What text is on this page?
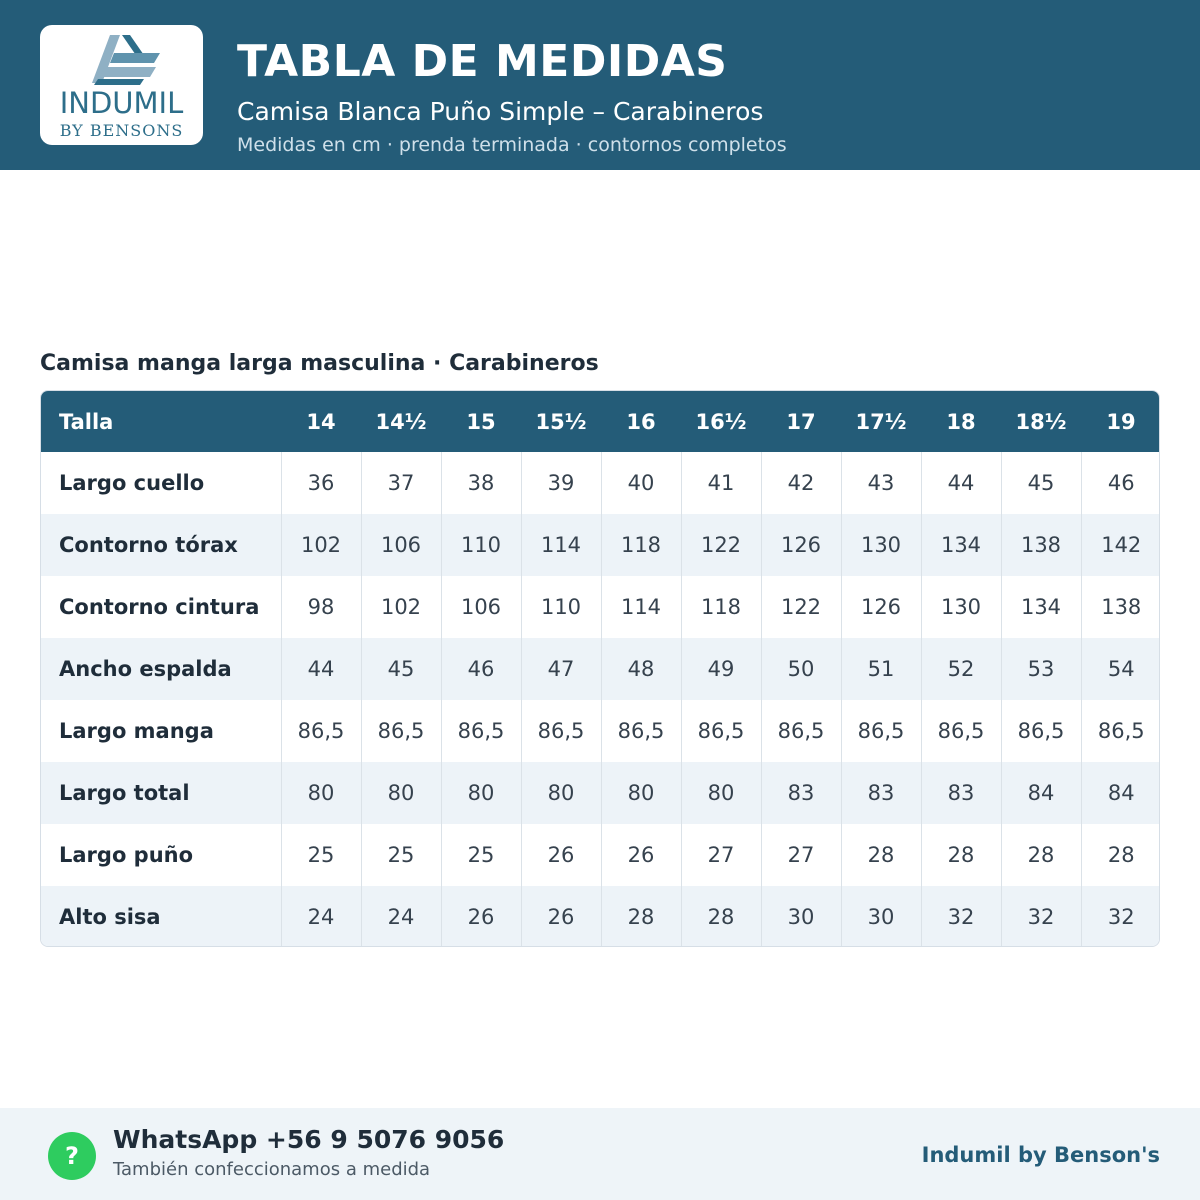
INDUMIL
BY BENSONS
TABLA DE MEDIDAS
Camisa Blanca Puño Simple – Carabineros
Medidas en cm · prenda terminada · contornos completos
Camisa manga larga masculina · Carabineros
Talla	14	14½	15	15½	16	16½	17	17½	18	18½	19
Largo cuello	36	37	38	39	40	41	42	43	44	45	46
Contorno tórax	102	106	110	114	118	122	126	130	134	138	142
Contorno cintura	98	102	106	110	114	118	122	126	130	134	138
Ancho espalda	44	45	46	47	48	49	50	51	52	53	54
Largo manga	86,5	86,5	86,5	86,5	86,5	86,5	86,5	86,5	86,5	86,5	86,5
Largo total	80	80	80	80	80	80	83	83	83	84	84
Largo puño	25	25	25	26	26	27	27	28	28	28	28
Alto sisa	24	24	26	26	28	28	30	30	32	32	32
?
WhatsApp +56 9 5076 9056
También confeccionamos a medida
Indumil by Benson's
